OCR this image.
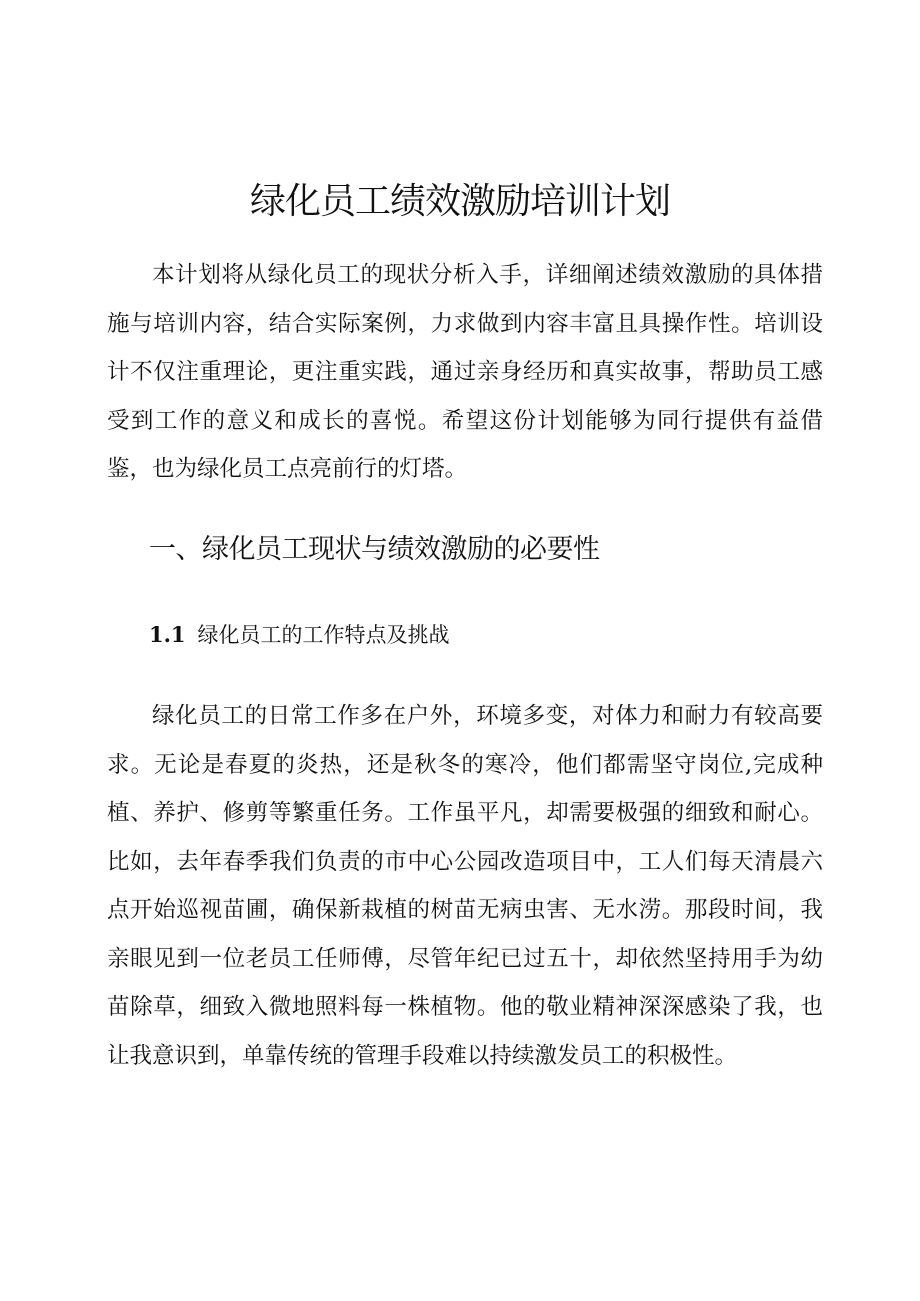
绿化员工绩效激励培训计划

本计划将从绿化员工的现状分析入手，详细阐述绩效激励的具体措施与培训内容，结合实际案例，力求做到内容丰富且具操作性。培训设计不仅注重理论，更注重实践，通过亲身经历和真实故事，帮助员工感受到工作的意义和成长的喜悦。希望这份计划能够为同行提供有益借鉴，也为绿化员工点亮前行的灯塔。

一、绿化员工现状与绩效激励的必要性
1.1 绿化员工的工作特点及挑战

绿化员工的日常工作多在户外，环境多变，对体力和耐力有较高要求。无论是春夏的炎热，还是秋冬的寒冷，他们都需坚守岗位,完成种植、养护、修剪等繁重任务。工作虽平凡，却需要极强的细致和耐心。比如，去年春季我们负责的市中心公园改造项目中，工人们每天清晨六点开始巡视苗圃，确保新栽植的树苗无病虫害、无水涝。那段时间，我亲眼见到一位老员工任师傅，尽管年纪已过五十，却依然坚持用手为幼苗除草，细致入微地照料每一株植物。他的敬业精神深深感染了我，也让我意识到，单靠传统的管理手段难以持续激发员工的积极性。
